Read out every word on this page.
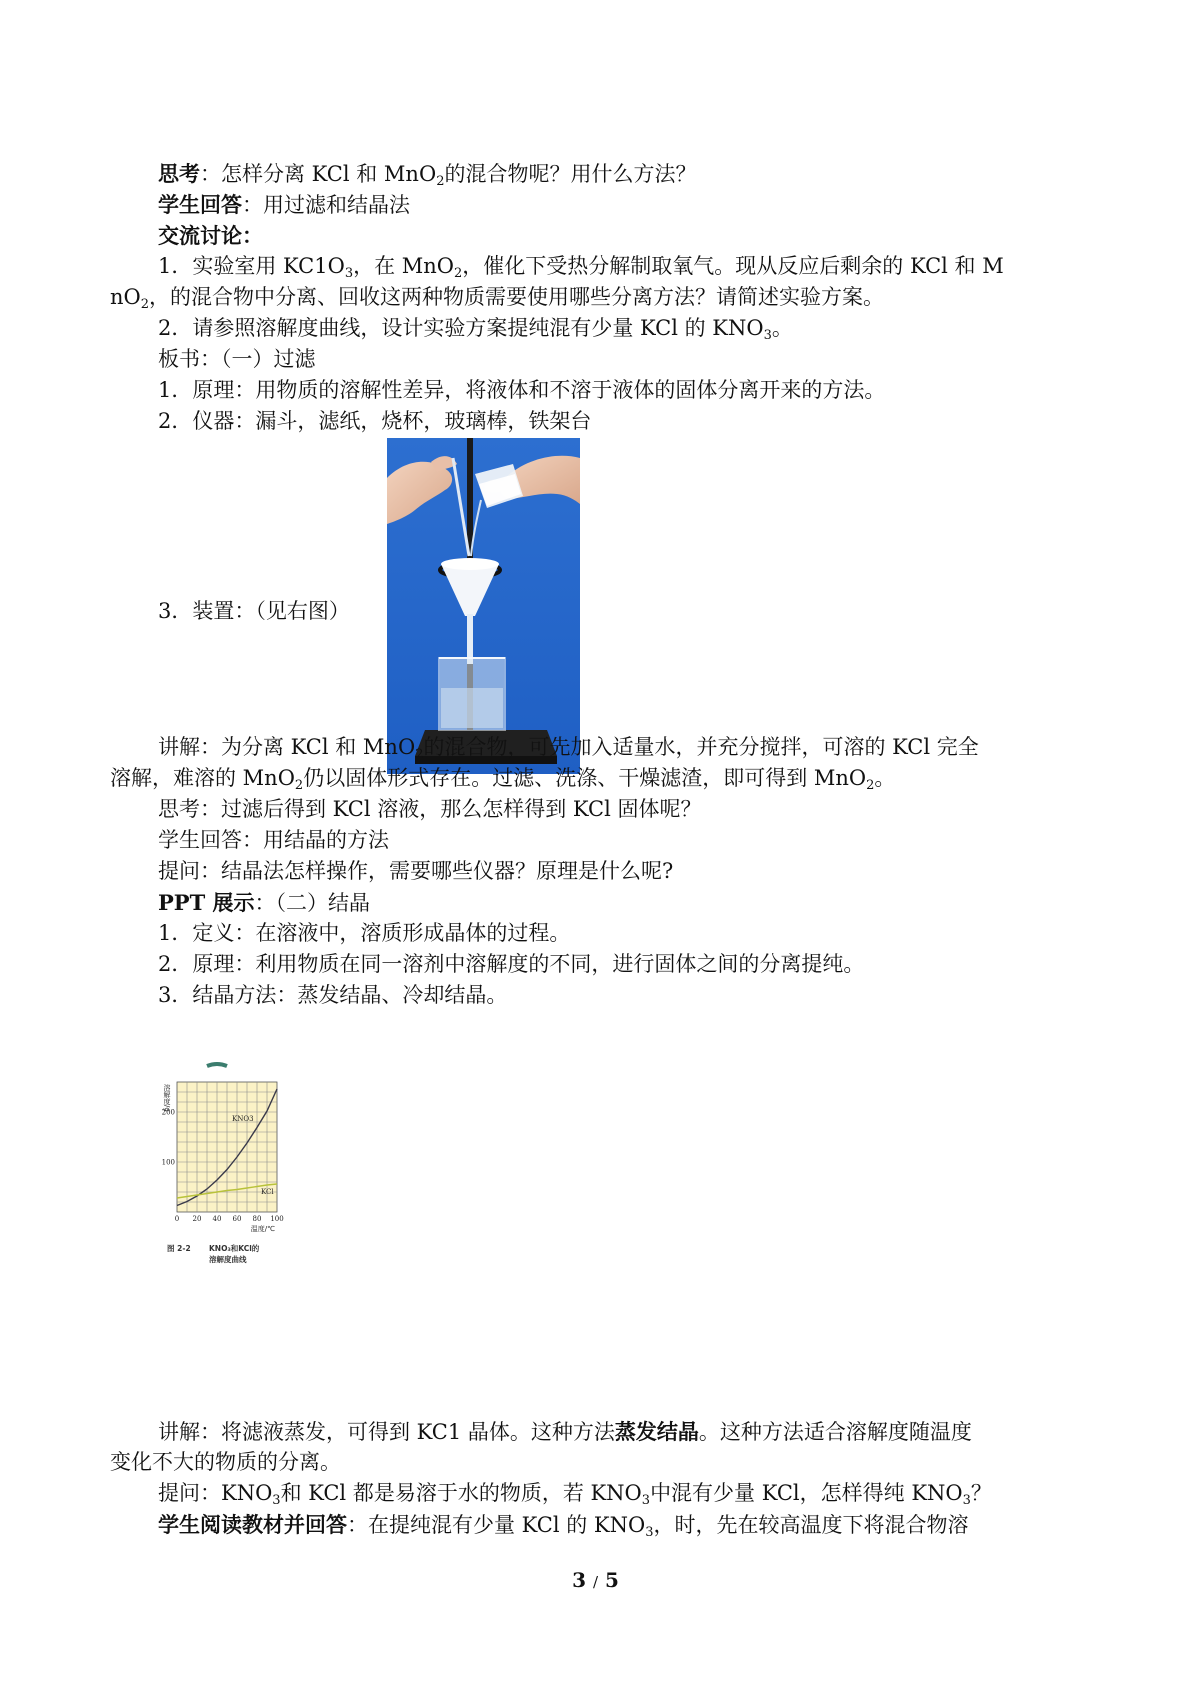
思考：怎样分离 KCl 和 MnO$_2$的混合物呢？用什么方法？
学生回答：用过滤和结晶法
交流讨论：
1．实验室用 $KC1O_3$，在 MnO$_2$，催化下受热分解制取氧气。现从反应后剩余的 KCl 和 M
$nO_2$，的混合物中分离、回收这两种物质需要使用哪些分离方法？请简述实验方案。
2．请参照溶解度曲线，设计实验方案提纯混有少量 KCl 的 $KNO_3$。
板书：（一）过滤
1．原理：用物质的溶解性差异，将液体和不溶于液体的固体分离开来的方法。
2．仪器：漏斗，滤纸，烧杯，玻璃棒，铁架台
3．装置：（见右图）
讲解：为分离 KCl 和 MnO$_2$的混合物，可先加入适量水，并充分搅拌，可溶的 KCl 完全
溶解，难溶的 MnO$_2$仍以固体形式存在。过滤、洗涤、干燥滤渣，即可得到 MnO$_2$。
思考：过滤后得到 KCl 溶液，那么怎样得到 KCl 固体呢？
学生回答：用结晶的方法
提问：结晶法怎样操作，需要哪些仪器？原理是什么呢?
PPT 展示：（二）结晶
1．定义：在溶液中，溶质形成晶体的过程。
2．原理：利用物质在同一溶剂中溶解度的不同，进行固体之间的分离提纯。
3．结晶方法：蒸发结晶、冷却结晶。
KNO3
KCl
100
200
0 20 40 60 80 100
溶解度/g
温度/℃
图 2-2 KNO₃和KCl的
溶解度曲线
讲解：将滤液蒸发，可得到 KC1 晶体。这种方法蒸发结晶。这种方法适合溶解度随温度
变化不大的物质的分离。
提问：$KNO_3$和 KCl 都是易溶于水的物质，若 $KNO_3$中混有少量 KCl，怎样得纯 $KNO_3$？
学生阅读教材并回答：在提纯混有少量 KCl 的 $KNO_3$，时，先在较高温度下将混合物溶
3 / 5
